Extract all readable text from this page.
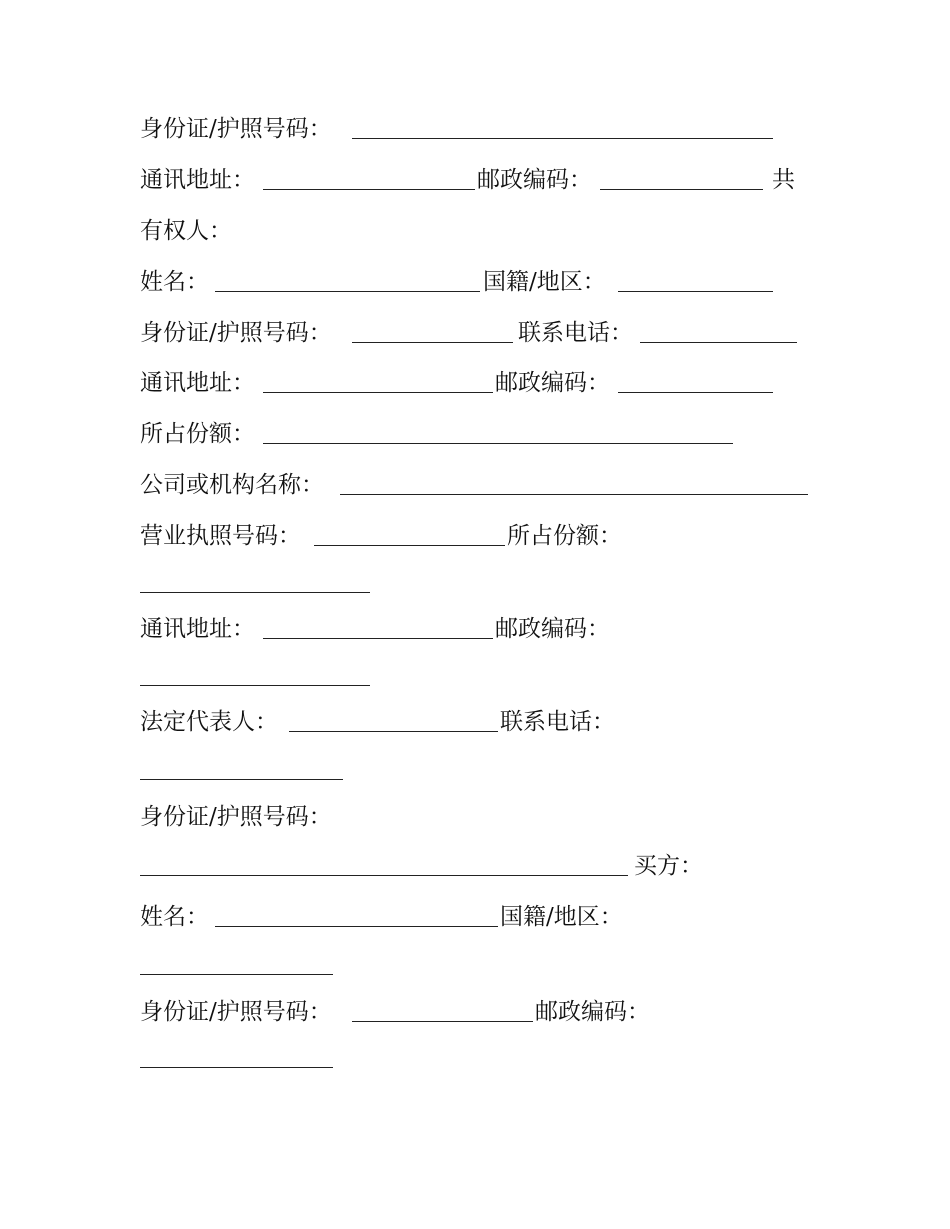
身份证/护照号码：
通讯地址：	邮政编码：	共
有权人：
姓名：	国籍/地区：
身份证/护照号码：	联系电话：
通讯地址：	邮政编码：
所占份额：
公司或机构名称：
营业执照号码：	所占份额：
通讯地址：	邮政编码：
法定代表人：	联系电话：
身份证/护照号码：
买方：
姓名：	国籍/地区：
身份证/护照号码：	邮政编码：
